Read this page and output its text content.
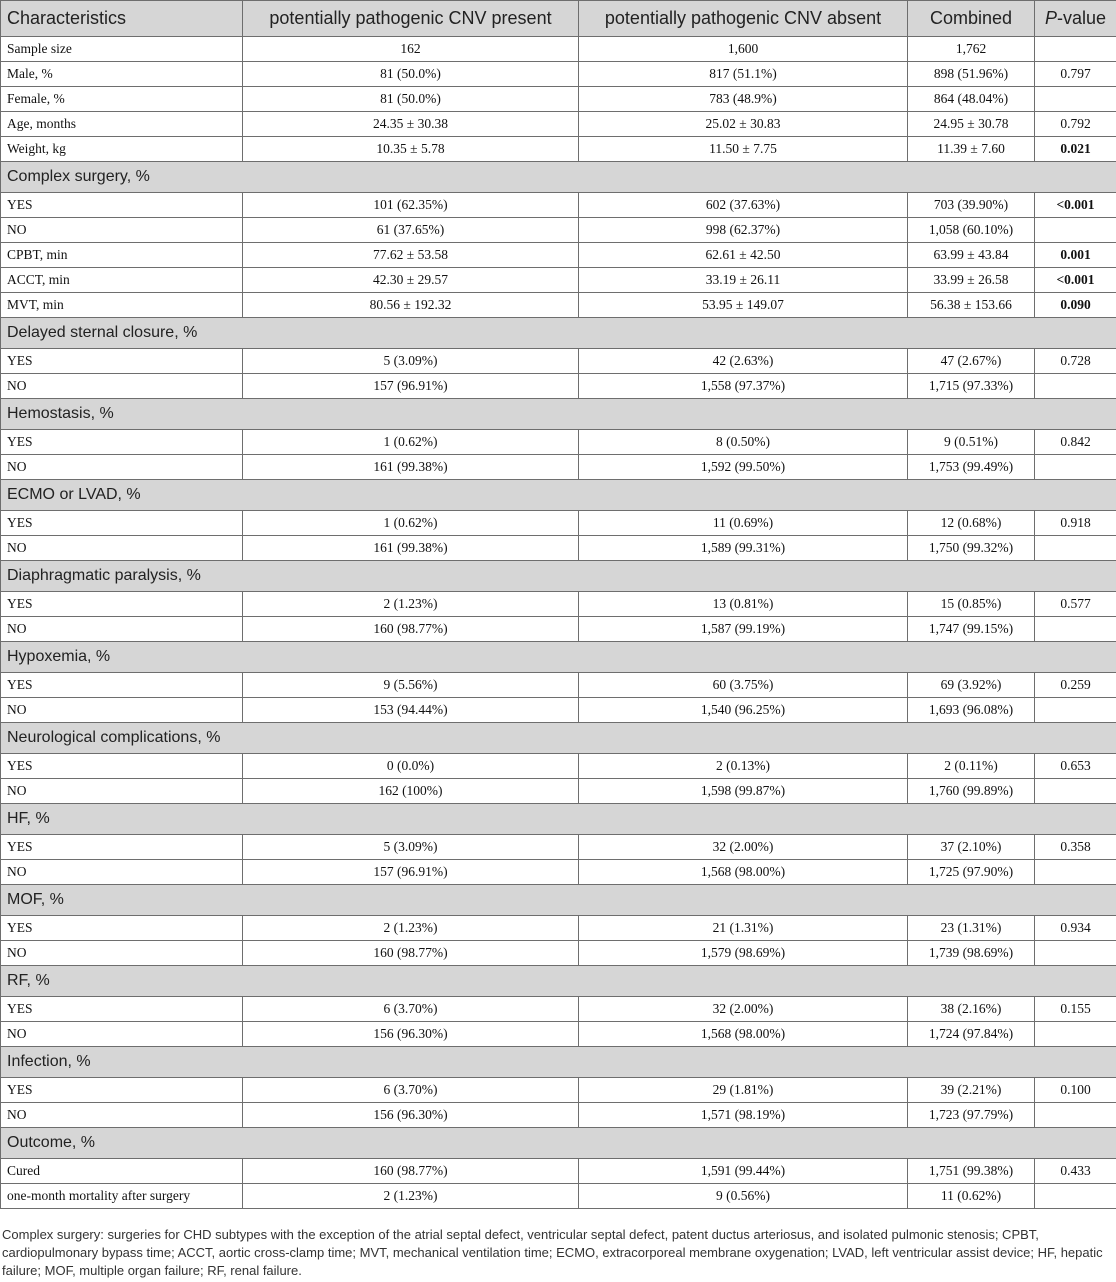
Characteristics	potentially pathogenic CNV present	potentially pathogenic CNV absent	Combined	P-value
Sample size	162	1,600	1,762	
Male, %	81 (50.0%)	817 (51.1%)	898 (51.96%)	0.797
Female, %	81 (50.0%)	783 (48.9%)	864 (48.04%)	
Age, months	24.35 ± 30.38	25.02 ± 30.83	24.95 ± 30.78	0.792
Weight, kg	10.35 ± 5.78	11.50 ± 7.75	11.39 ± 7.60	0.021
Complex surgery, %				
YES	101 (62.35%)	602 (37.63%)	703 (39.90%)	<0.001
NO	61 (37.65%)	998 (62.37%)	1,058 (60.10%)	
CPBT, min	77.62 ± 53.58	62.61 ± 42.50	63.99 ± 43.84	0.001
ACCT, min	42.30 ± 29.57	33.19 ± 26.11	33.99 ± 26.58	<0.001
MVT, min	80.56 ± 192.32	53.95 ± 149.07	56.38 ± 153.66	0.090
Delayed sternal closure, %				
YES	5 (3.09%)	42 (2.63%)	47 (2.67%)	0.728
NO	157 (96.91%)	1,558 (97.37%)	1,715 (97.33%)	
Hemostasis, %				
YES	1 (0.62%)	8 (0.50%)	9 (0.51%)	0.842
NO	161 (99.38%)	1,592 (99.50%)	1,753 (99.49%)	
ECMO or LVAD, %				
YES	1 (0.62%)	11 (0.69%)	12 (0.68%)	0.918
NO	161 (99.38%)	1,589 (99.31%)	1,750 (99.32%)	
Diaphragmatic paralysis, %				
YES	2 (1.23%)	13 (0.81%)	15 (0.85%)	0.577
NO	160 (98.77%)	1,587 (99.19%)	1,747 (99.15%)	
Hypoxemia, %				
YES	9 (5.56%)	60 (3.75%)	69 (3.92%)	0.259
NO	153 (94.44%)	1,540 (96.25%)	1,693 (96.08%)	
Neurological complications, %				
YES	0 (0.0%)	2 (0.13%)	2 (0.11%)	0.653
NO	162 (100%)	1,598 (99.87%)	1,760 (99.89%)	
HF, %				
YES	5 (3.09%)	32 (2.00%)	37 (2.10%)	0.358
NO	157 (96.91%)	1,568 (98.00%)	1,725 (97.90%)	
MOF, %				
YES	2 (1.23%)	21 (1.31%)	23 (1.31%)	0.934
NO	160 (98.77%)	1,579 (98.69%)	1,739 (98.69%)	
RF, %				
YES	6 (3.70%)	32 (2.00%)	38 (2.16%)	0.155
NO	156 (96.30%)	1,568 (98.00%)	1,724 (97.84%)	
Infection, %				
YES	6 (3.70%)	29 (1.81%)	39 (2.21%)	0.100
NO	156 (96.30%)	1,571 (98.19%)	1,723 (97.79%)	
Outcome, %				
Cured	160 (98.77%)	1,591 (99.44%)	1,751 (99.38%)	0.433
one-month mortality after surgery	2 (1.23%)	9 (0.56%)	11 (0.62%)	
Complex surgery: surgeries for CHD subtypes with the exception of the atrial septal defect, ventricular septal defect, patent ductus arteriosus, and isolated pulmonic stenosis; CPBT, cardiopulmonary bypass time; ACCT, aortic cross-clamp time; MVT, mechanical ventilation time; ECMO, extracorporeal membrane oxygenation; LVAD, left ventricular assist device; HF, hepatic failure; MOF, multiple organ failure; RF, renal failure.
